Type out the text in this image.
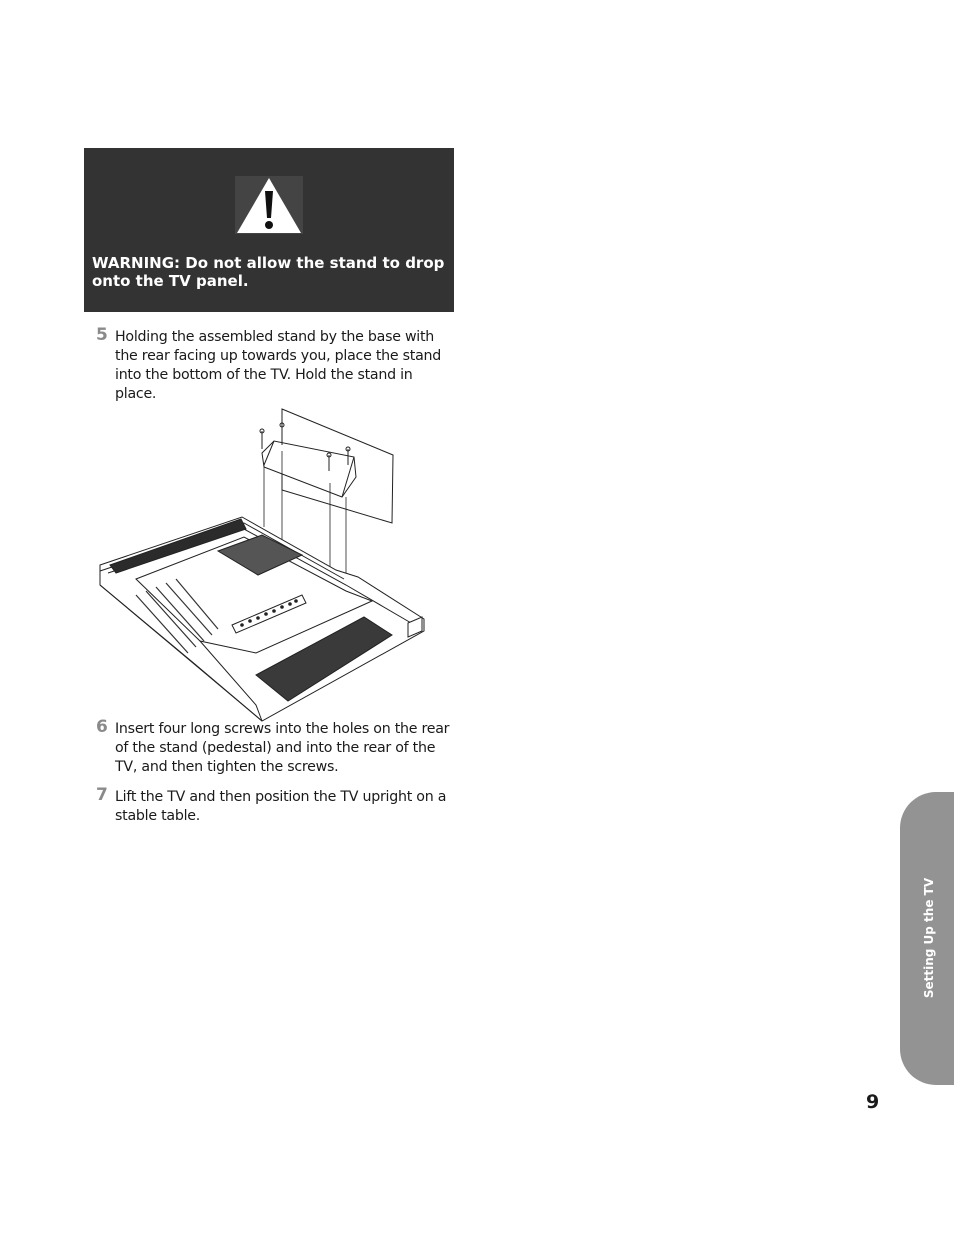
WARNING: Do not allow the stand to drop onto the TV panel.
5 Holding the assembled stand by the base with the rear facing up towards you, place the stand into the bottom of the TV. Hold the stand in place.
6 Insert four long screws into the holes on the rear of the stand (pedestal) and into the rear of the TV, and then tighten the screws.
7 Lift the TV and then position the TV upright on a stable table.
Setting Up the TV
9
